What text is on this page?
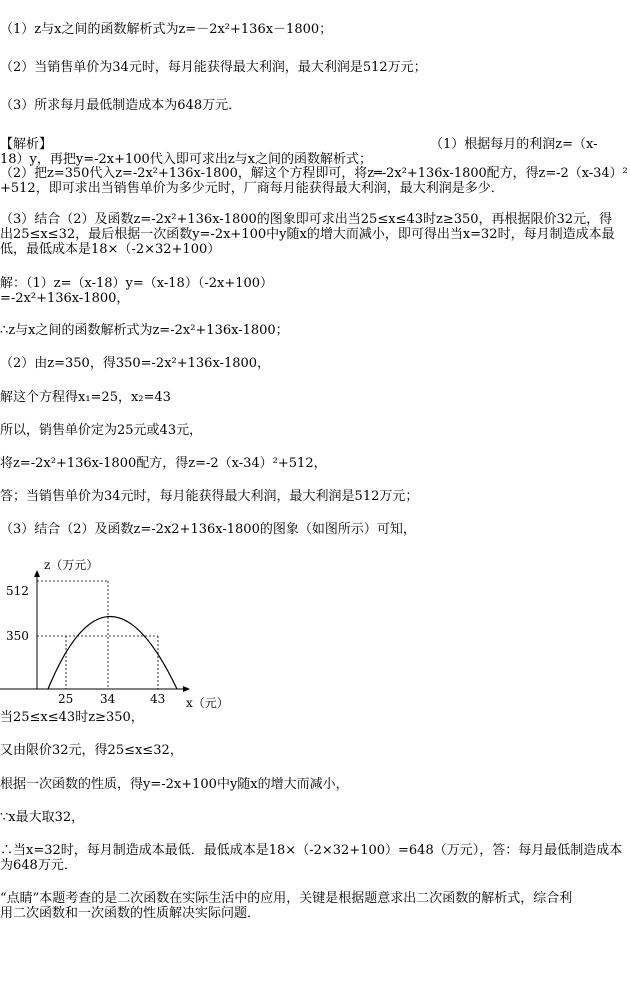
（1）z与x之间的函数解析式为z=－2x²+136x－1800；
（2）当销售单价为34元时，每月能获得最大利润，最大利润是512万元；
（3）所求每月最低制造成本为648万元．
【解析】	（1）根据每月的利润z=（x-
18）y，再把y=-2x+100代入即可求出z与x之间的函数解析式；
（2）把z=350代入z=-2x²+136x-1800，解这个方程即可，将z═-2x²+136x-1800配方，得z=-2（x-34）²
+512，即可求出当销售单价为多少元时，厂商每月能获得最大利润，最大利润是多少．
（3）结合（2）及函数z=-2x²+136x-1800的图象即可求出当25≤x≤43时z≥350，再根据限价32元，得
出25≤x≤32，最后根据一次函数y=-2x+100中y随x的增大而减小，即可得出当x=32时，每月制造成本最
低，最低成本是18×（-2×32+100）
解：（1）z=（x-18）y=（x-18）（-2x+100）
=-2x²+136x-1800，
∴z与x之间的函数解析式为z=-2x²+136x-1800；
（2）由z=350，得350=-2x²+136x-1800，
解这个方程得x₁=25，x₂=43
所以，销售单价定为25元或43元，
将z=-2x²+136x-1800配方，得z=-2（x-34）²+512，
答；当销售单价为34元时，每月能获得最大利润，最大利润是512万元；
（3）结合（2）及函数z=-2x2+136x-1800的图象（如图所示）可知，
z（万元）
512
350
25 34	43 x（元）
当25≤x≤43时z≥350，
又由限价32元，得25≤x≤32，
根据一次函数的性质，得y=-2x+100中y随x的增大而减小，
∵x最大取32，
∴当x=32时，每月制造成本最低．最低成本是18×（-2×32+100）=648（万元），答：每月最低制造成本
为648万元．
“点睛”本题考查的是二次函数在实际生活中的应用，关键是根据题意求出二次函数的解析式，综合利
用二次函数和一次函数的性质解决实际问题．
